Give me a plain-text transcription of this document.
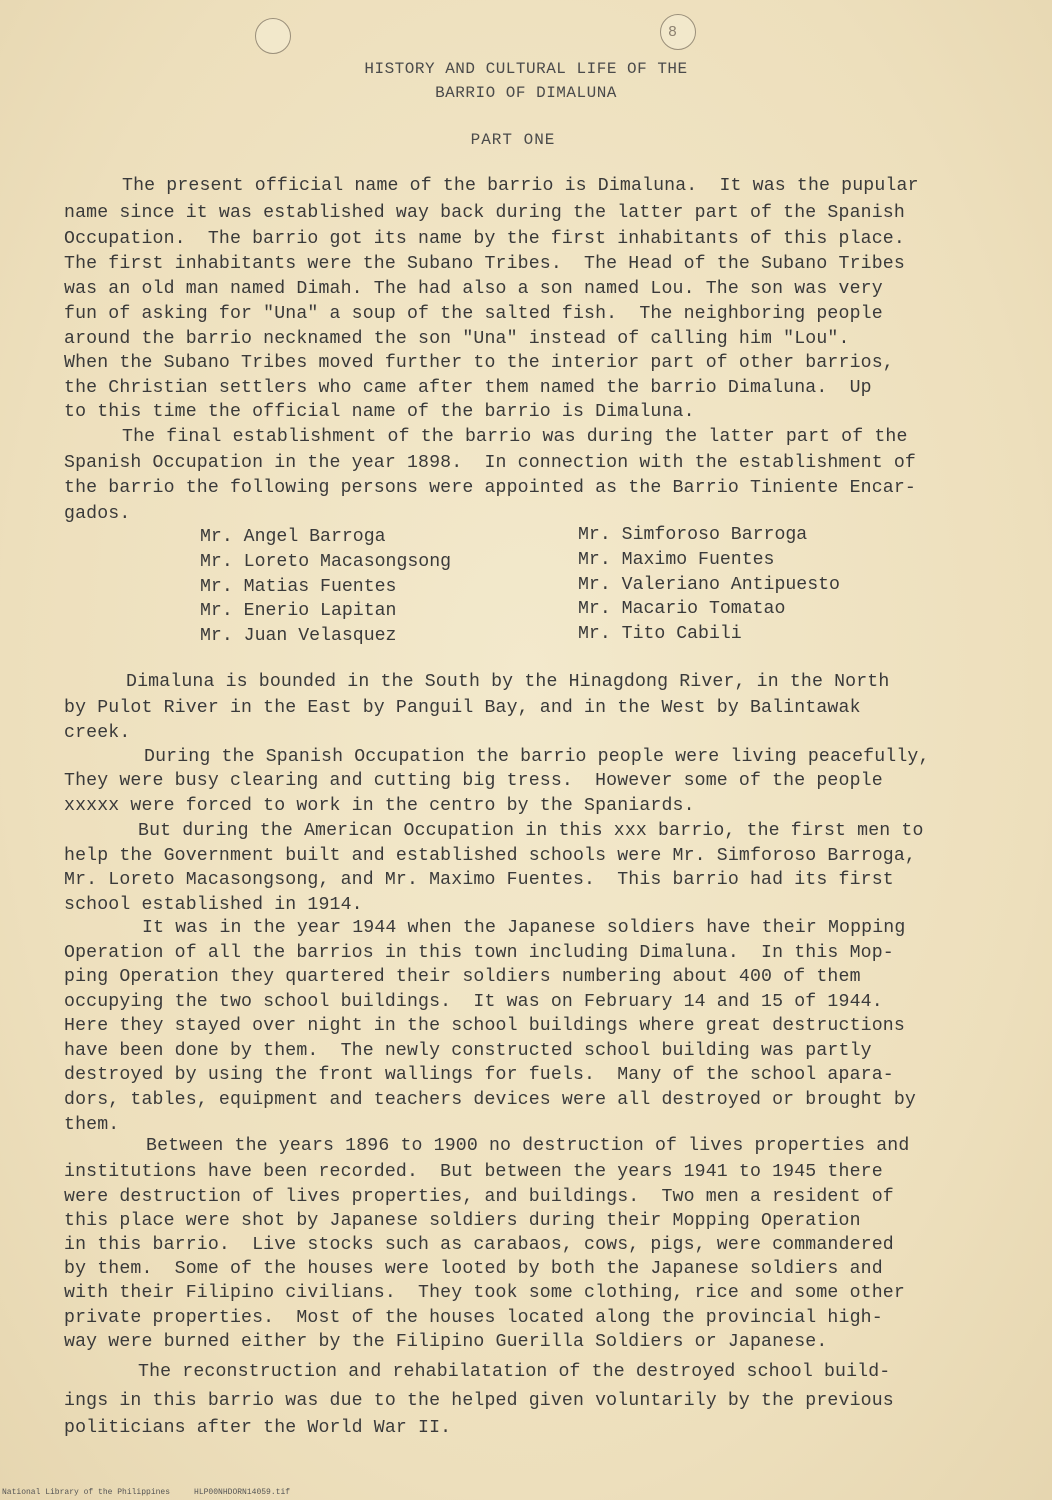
8
HISTORY AND CULTURAL LIFE OF THE
BARRIO OF DIMALUNA
PART ONE
The present official name of the barrio is Dimaluna.  It was the pupular
name since it was established way back during the latter part of the Spanish
Occupation.  The barrio got its name by the first inhabitants of this place.
The first inhabitants were the Subano Tribes.  The Head of the Subano Tribes
was an old man named Dimah. The had also a son named Lou. The son was very
fun of asking for "Una" a soup of the salted fish.  The neighboring people
around the barrio necknamed the son "Una" instead of calling him "Lou".
When the Subano Tribes moved further to the interior part of other barrios,
the Christian settlers who came after them named the barrio Dimaluna.  Up
to this time the official name of the barrio is Dimaluna.
The final establishment of the barrio was during the latter part of the
Spanish Occupation in the year 1898.  In connection with the establishment of
the barrio the following persons were appointed as the Barrio Tiniente Encar-
gados.
Mr. Angel Barroga
Mr. Loreto Macasongsong
Mr. Matias Fuentes
Mr. Enerio Lapitan
Mr. Juan Velasquez
Mr. Simforoso Barroga
Mr. Maximo Fuentes
Mr. Valeriano Antipuesto
Mr. Macario Tomatao
Mr. Tito Cabili
Dimaluna is bounded in the South by the Hinagdong River, in the North
by Pulot River in the East by Panguil Bay, and in the West by Balintawak
creek.
During the Spanish Occupation the barrio people were living peacefully,
They were busy clearing and cutting big tress.  However some of the people
xxxxx were forced to work in the centro by the Spaniards.
But during the American Occupation in this xxx barrio, the first men to
help the Government built and established schools were Mr. Simforoso Barroga,
Mr. Loreto Macasongsong, and Mr. Maximo Fuentes.  This barrio had its first
school established in 1914.
It was in the year 1944 when the Japanese soldiers have their Mopping
Operation of all the barrios in this town including Dimaluna.  In this Mop-
ping Operation they quartered their soldiers numbering about 400 of them
occupying the two school buildings.  It was on February 14 and 15 of 1944.
Here they stayed over night in the school buildings where great destructions
have been done by them.  The newly constructed school building was partly
destroyed by using the front wallings for fuels.  Many of the school apara-
dors, tables, equipment and teachers devices were all destroyed or brought by
them.
Between the years 1896 to 1900 no destruction of lives properties and
institutions have been recorded.  But between the years 1941 to 1945 there
were destruction of lives properties, and buildings.  Two men a resident of
this place were shot by Japanese soldiers during their Mopping Operation
in this barrio.  Live stocks such as carabaos, cows, pigs, were commandered
by them.  Some of the houses were looted by both the Japanese soldiers and
with their Filipino civilians.  They took some clothing, rice and some other
private properties.  Most of the houses located along the provincial high-
way were burned either by the Filipino Guerilla Soldiers or Japanese.
The reconstruction and rehabilatation of the destroyed school build-
ings in this barrio was due to the helped given voluntarily by the previous
politicians after the World War II.
National Library of the Philippines     HLP00NHDORN14059.tif
